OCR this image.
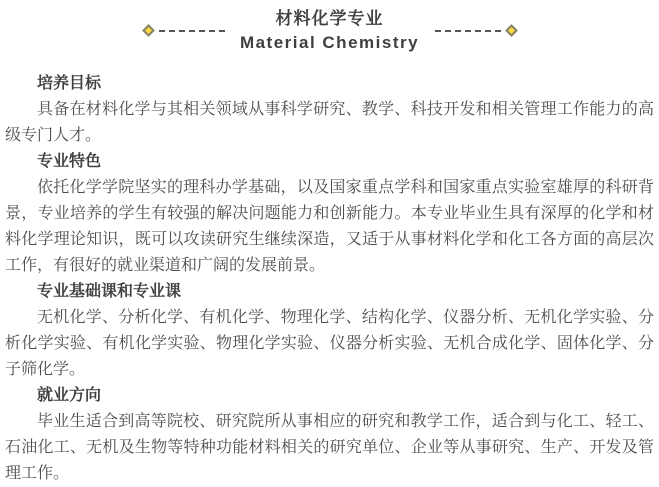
材料化学专业
Material Chemistry
培养目标

具备在材料化学与其相关领域从事科学研究、教学、科技开发和相关管理工作能力的高级专门人才。

专业特色

依托化学学院坚实的理科办学基础，以及国家重点学科和国家重点实验室雄厚的科研背景，专业培养的学生有较强的解决问题能力和创新能力。本专业毕业生具有深厚的化学和材料化学理论知识，既可以攻读研究生继续深造，又适于从事材料化学和化工各方面的高层次工作，有很好的就业渠道和广阔的发展前景。

专业基础课和专业课

无机化学、分析化学、有机化学、物理化学、结构化学、仪器分析、无机化学实验、分析化学实验、有机化学实验、物理化学实验、仪器分析实验、无机合成化学、固体化学、分子筛化学。

就业方向

毕业生适合到高等院校、研究院所从事相应的研究和教学工作，适合到与化工、轻工、石油化工、无机及生物等特种功能材料相关的研究单位、企业等从事研究、生产、开发及管理工作。
